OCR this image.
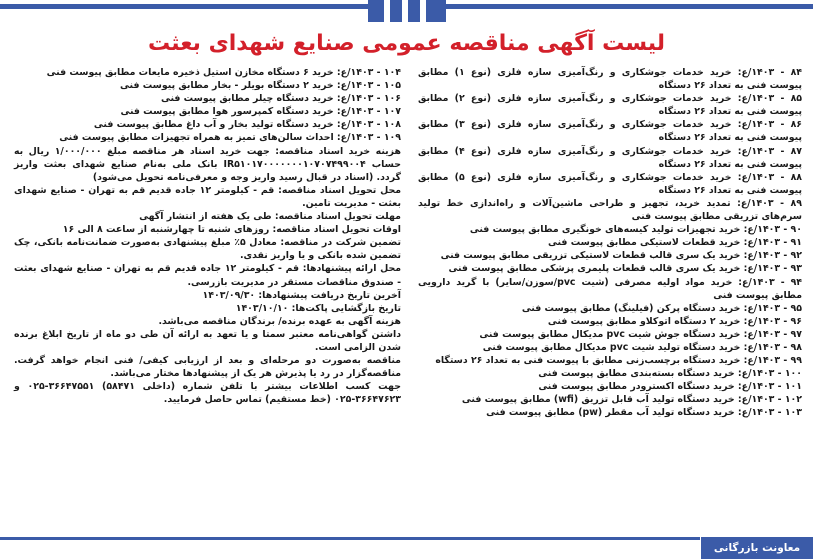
لیست آگهی مناقصه عمومی صنایع شهدای بعثت

۸۴ - ۱۴۰۳/ع: خرید خدمات جوشکاری و رنگ‌آمیزی سازه فلزی (نوع ۱) مطابق پیوست فنی به تعداد ۲۶ دستگاه

۸۵ - ۱۴۰۳/ع: خرید خدمات جوشکاری و رنگ‌آمیزی سازه فلزی (نوع ۲) مطابق پیوست فنی به تعداد ۲۶ دستگاه

۸۶ - ۱۴۰۳/ع: خرید خدمات جوشکاری و رنگ‌آمیزی سازه فلزی (نوع ۳) مطابق پیوست فنی به تعداد ۲۶ دستگاه

۸۷ - ۱۴۰۳/ع: خرید خدمات جوشکاری و رنگ‌آمیزی سازه فلزی (نوع ۴) مطابق پیوست فنی به تعداد ۲۶ دستگاه

۸۸ - ۱۴۰۳/ع: خرید خدمات جوشکاری و رنگ‌آمیزی سازه فلزی (نوع ۵) مطابق پیوست فنی به تعداد ۲۶ دستگاه

۸۹ - ۱۴۰۳/ع: تمدید خرید، تجهیز و طراحی ماشین‌آلات و راه‌اندازی خط تولید سرم‌های تزریقی مطابق پیوست فنی

۹۰ - ۱۴۰۳/ع: خرید تجهیزات تولید کیسه‌های خونگیری مطابق پیوست فنی

۹۱ - ۱۴۰۳/ع: خرید قطعات لاستیکی مطابق پیوست فنی

۹۲ - ۱۴۰۳/ع: خرید یک سری قالب قطعات لاستیکی تزریقی مطابق پیوست فنی

۹۳ - ۱۴۰۳/ع: خرید یک سری قالب قطعات پلیمری پزشکی مطابق پیوست فنی

۹۴ - ۱۴۰۳/ع: خرید مواد اولیه مصرفی (شیت pvc/سوزن/سایر) با گرید دارویی مطابق پیوست فنی

۹۵ - ۱۴۰۳/ع: خرید دستگاه پرکن (فیلینگ) مطابق پیوست فنی

۹۶ - ۱۴۰۳/ع: خرید ۲ دستگاه اتوکلاو مطابق پیوست فنی

۹۷ - ۱۴۰۳/ع: خرید دستگاه جوش شیت pvc مدیکال مطابق پیوست فنی

۹۸ - ۱۴۰۳/ع: خرید دستگاه تولید شیت pvc مدیکال مطابق پیوست فنی

۹۹ - ۱۴۰۳/ع: خرید دستگاه برچسب‌زنی مطابق با پیوست فنی به تعداد ۲۶ دستگاه

۱۰۰ - ۱۴۰۳/ع: خرید دستگاه بسته‌بندی مطابق پیوست فنی

۱۰۱ - ۱۴۰۳/ع: خرید دستگاه اکسترودر مطابق پیوست فنی

۱۰۲ - ۱۴۰۳/ع: خرید دستگاه تولید آب قابل تزریق (wfi) مطابق پیوست فنی

۱۰۳ - ۱۴۰۳/ع: خرید دستگاه تولید آب مقطر (pw) مطابق پیوست فنی

۱۰۴ - ۱۴۰۳/ع: خرید ۶ دستگاه مخازن استیل ذخیره مایعات مطابق پیوست فنی

۱۰۵ - ۱۴۰۳/ع: خرید ۲ دستگاه بویلر - بخار مطابق پیوست فنی

۱۰۶ - ۱۴۰۳/ع: خرید دستگاه چیلر مطابق پیوست فنی

۱۰۷ - ۱۴۰۳/ع: خرید دستگاه کمپرسور هوا مطابق پیوست فنی

۱۰۸ - ۱۴۰۳/ع: خرید دستگاه تولید بخار و آب داغ مطابق پیوست فنی

۱۰۹ - ۱۴۰۳/ع: احداث سالن‌های تمیز به همراه تجهیزات مطابق پیوست فنی

هزینه خرید اسناد مناقصه: جهت خرید اسناد هر مناقصه مبلغ ۱/۰۰۰/۰۰۰ ریال به حساب IR۵۱۰۱۷۰۰۰۰۰۰۰۱۰۷۰۷۴۹۹۰۰۴ بانک ملی به‌نام صنایع شهدای بعثت واریز گردد. (اسناد در قبال رسید واریز وجه و معرفی‌نامه تحویل می‌شود)

محل تحویل اسناد مناقصه: قم - کیلومتر ۱۲ جاده قدیم قم به تهران - صنایع شهدای بعثت - مدیریت تامین.

مهلت تحویل اسناد مناقصه: طی یک هفته از انتشار آگهی

اوقات تحویل اسناد مناقصه: روزهای شنبه تا چهارشنبه از ساعت ۸ الی ۱۶

تضمین شرکت در مناقصه: معادل ۵٪ مبلغ پیشنهادی به‌صورت ضمانت‌نامه بانکی، چک تضمین شده بانکی و یا واریز نقدی.

محل ارائه پیشنهادها: قم - کیلومتر ۱۲ جاده قدیم قم به تهران - صنایع شهدای بعثت - صندوق مناقصات مستقر در مدیریت بازرسی.

آخرین تاریخ دریافت پیشنهادها: ۱۴۰۳/۰۹/۳۰

تاریخ بازگشایی پاکت‌ها: ۱۴۰۳/۱۰/۱۰

هزینه آگهی به عهده برنده/ برندگان مناقصه می‌باشد.

داشتن گواهی‌نامه معتبر سمتا و یا تعهد به ارائه آن طی دو ماه از تاریخ ابلاغ برنده شدن الزامی است.

مناقصه به‌صورت دو مرحله‌ای و بعد از ارزیابی کیفی/ فنی انجام خواهد گرفت. مناقصه‌گزار در رد یا پذیرش هر یک از پیشنهادها مختار می‌باشد.

جهت کسب اطلاعات بیشتر با تلفن شماره (داخلی ۵۸۴۷۱) ۳۶۶۴۷۵۵۱-۰۲۵ و ۳۶۶۴۷۶۲۳-۰۲۵ (خط مستقیم) تماس حاصل فرمایید.

معاونت بازرگانی
